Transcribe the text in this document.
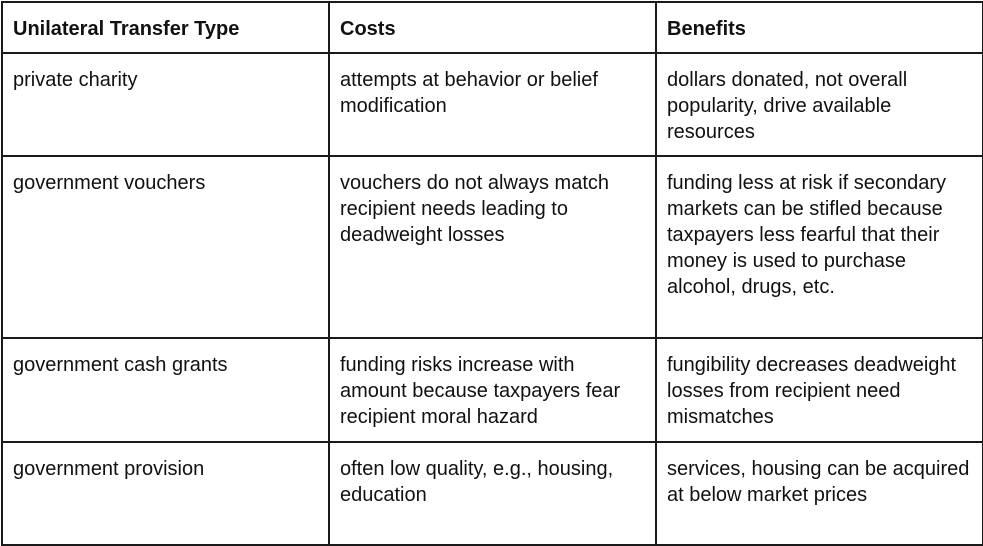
Unilateral Transfer Type	Costs	Benefits
private charity	attempts at behavior or belief modification	dollars donated, not overall popularity, drive available resources
government vouchers	vouchers do not always match recipient needs leading to deadweight losses	funding less at risk if secondary markets can be stifled because taxpayers less fearful that their money is used to purchase alcohol, drugs, etc.
government cash grants	funding risks increase with amount because taxpayers fear recipient moral hazard	fungibility decreases deadweight losses from recipient need mismatches
government provision	often low quality, e.g., housing, education	services, housing can be acquired at below market prices
